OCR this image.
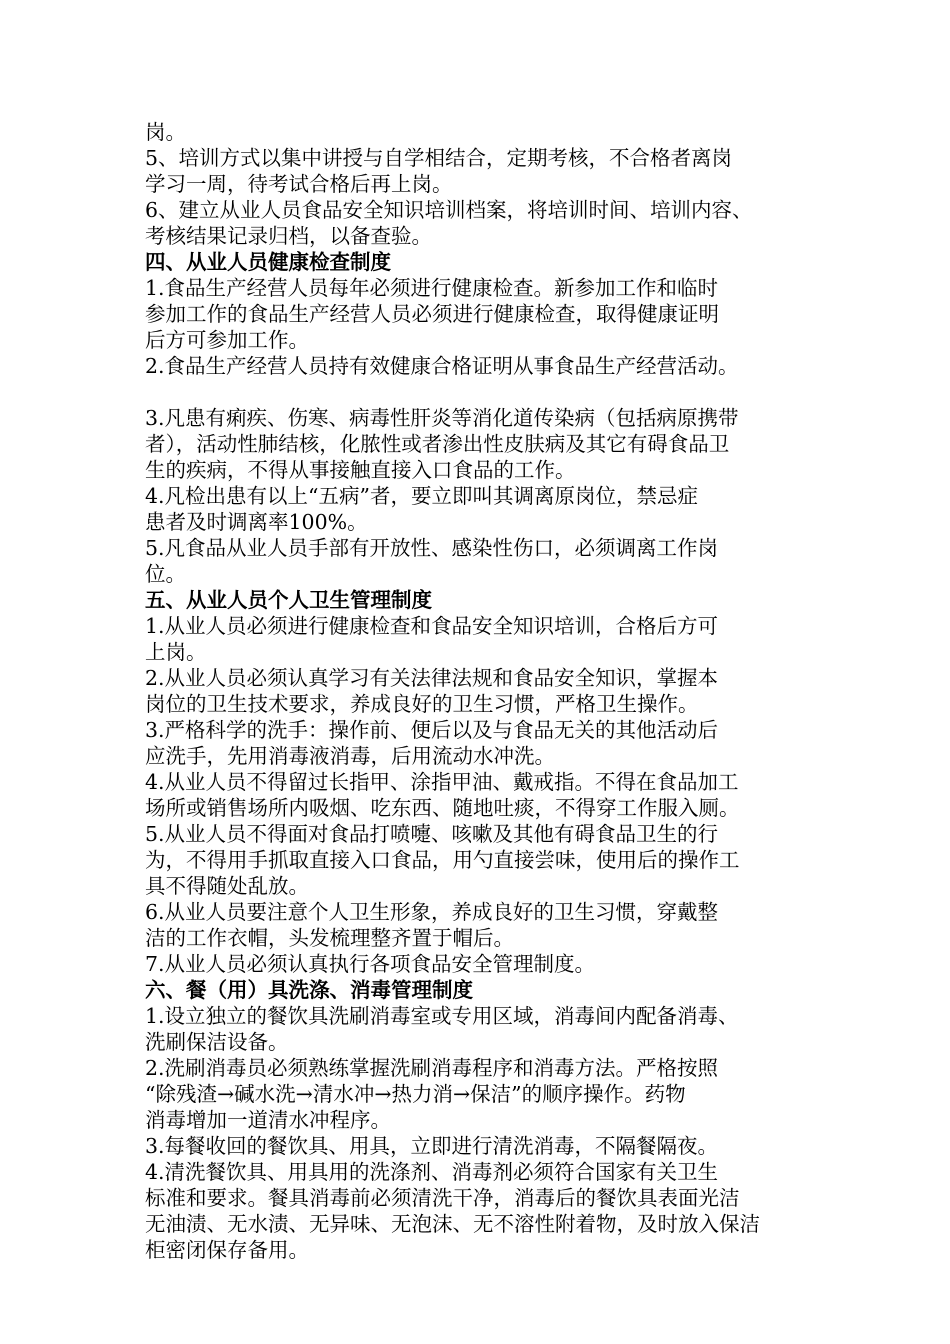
岗。
5、培训方式以集中讲授与自学相结合，定期考核，不合格者离岗
学习一周，待考试合格后再上岗。
6、建立从业人员食品安全知识培训档案，将培训时间、培训内容、
考核结果记录归档，以备查验。
四、从业人员健康检查制度
1.食品生产经营人员每年必须进行健康检查。新参加工作和临时
参加工作的食品生产经营人员必须进行健康检查，取得健康证明
后方可参加工作。
2.食品生产经营人员持有效健康合格证明从事食品生产经营活动。
3.凡患有痢疾、伤寒、病毒性肝炎等消化道传染病（包括病原携带
者），活动性肺结核，化脓性或者渗出性皮肤病及其它有碍食品卫
生的疾病，不得从事接触直接入口食品的工作。
4.凡检出患有以上“五病”者，要立即叫其调离原岗位，禁忌症
患者及时调离率100%。
5.凡食品从业人员手部有开放性、感染性伤口，必须调离工作岗
位。
五、从业人员个人卫生管理制度
1.从业人员必须进行健康检查和食品安全知识培训，合格后方可
上岗。
2.从业人员必须认真学习有关法律法规和食品安全知识，掌握本
岗位的卫生技术要求，养成良好的卫生习惯，严格卫生操作。
3.严格科学的洗手：操作前、便后以及与食品无关的其他活动后
应洗手，先用消毒液消毒，后用流动水冲洗。
4.从业人员不得留过长指甲、涂指甲油、戴戒指。不得在食品加工
场所或销售场所内吸烟、吃东西、随地吐痰，不得穿工作服入厕。
5.从业人员不得面对食品打喷嚏、咳嗽及其他有碍食品卫生的行
为，不得用手抓取直接入口食品，用勺直接尝味，使用后的操作工
具不得随处乱放。
6.从业人员要注意个人卫生形象，养成良好的卫生习惯，穿戴整
洁的工作衣帽，头发梳理整齐置于帽后。
7.从业人员必须认真执行各项食品安全管理制度。
六、餐（用）具洗涤、消毒管理制度
1.设立独立的餐饮具洗刷消毒室或专用区域，消毒间内配备消毒、
洗刷保洁设备。
2.洗刷消毒员必须熟练掌握洗刷消毒程序和消毒方法。严格按照
“除残渣→碱水洗→清水冲→热力消→保洁”的顺序操作。药物
消毒增加一道清水冲程序。
3.每餐收回的餐饮具、用具，立即进行清洗消毒，不隔餐隔夜。
4.清洗餐饮具、用具用的洗涤剂、消毒剂必须符合国家有关卫生
标准和要求。餐具消毒前必须清洗干净，消毒后的餐饮具表面光洁
无油渍、无水渍、无异味、无泡沫、无不溶性附着物，及时放入保洁
柜密闭保存备用。
